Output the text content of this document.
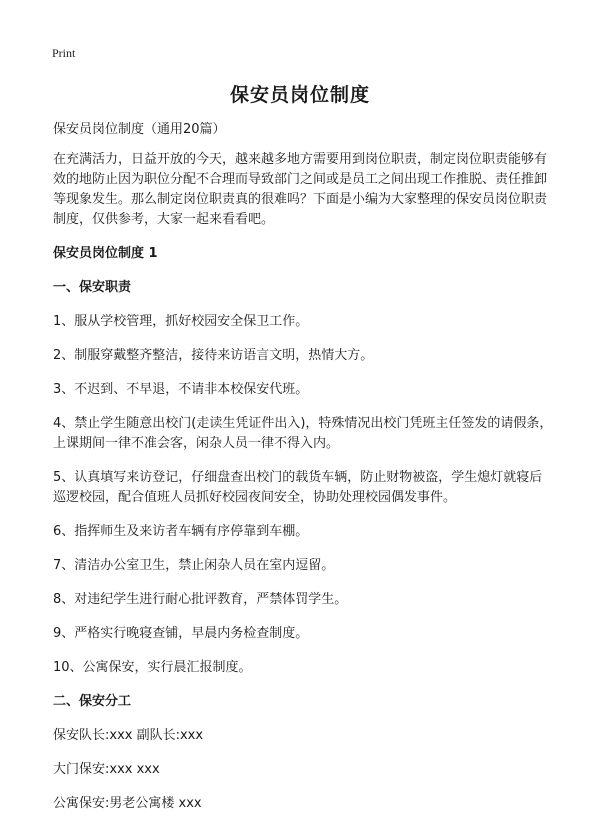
Print
保安员岗位制度

保安员岗位制度（通用20篇）

在充满活力，日益开放的今天，越来越多地方需要用到岗位职责，制定岗位职责能够有效的地防止因为职位分配不合理而导致部门之间或是员工之间出现工作推脱、责任推卸等现象发生。那么制定岗位职责真的很难吗？下面是小编为大家整理的保安员岗位职责制度，仅供参考，大家一起来看看吧。

保安员岗位制度 1

一、保安职责

1、服从学校管理，抓好校园安全保卫工作。

2、制服穿戴整齐整洁，接待来访语言文明，热情大方。

3、不迟到、不早退，不请非本校保安代班。

4、禁止学生随意出校门(走读生凭证件出入)，特殊情况出校门凭班主任签发的请假条，上课期间一律不准会客，闲杂人员一律不得入内。

5、认真填写来访登记，仔细盘查出校门的载货车辆，防止财物被盗，学生熄灯就寝后巡逻校园，配合值班人员抓好校园夜间安全，协助处理校园偶发事件。

6、指挥师生及来访者车辆有序停靠到车棚。

7、清洁办公室卫生，禁止闲杂人员在室内逗留。

8、对违纪学生进行耐心批评教育，严禁体罚学生。

9、严格实行晚寝查铺，早晨内务检查制度。

10、公寓保安，实行晨汇报制度。

二、保安分工

保安队长:xxx 副队长:xxx

大门保安:xxx xxx

公寓保安:男老公寓楼 xxx
